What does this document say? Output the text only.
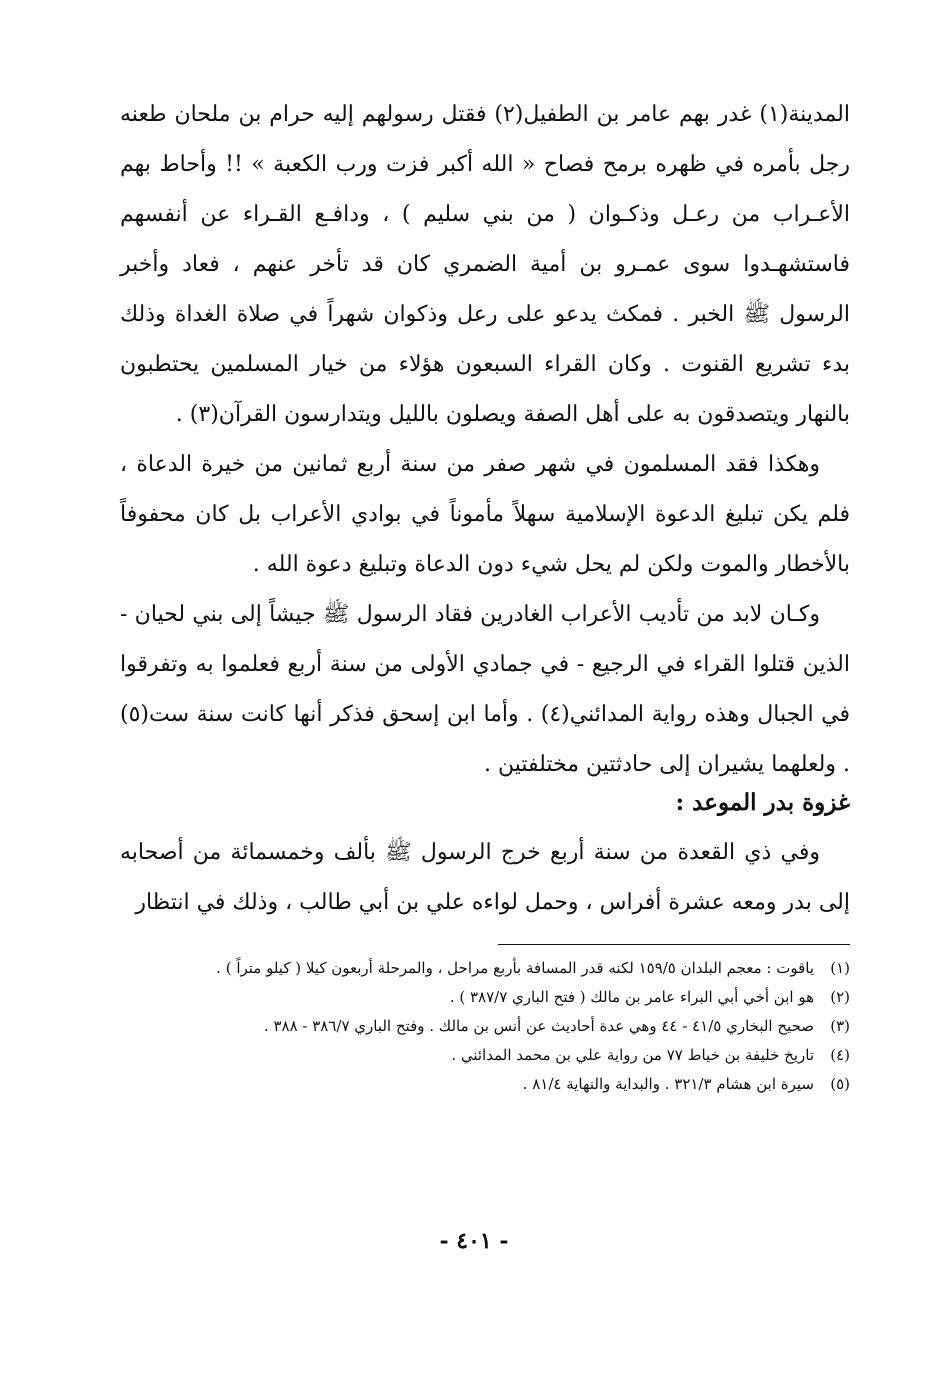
المدينة(١) غدر بهم عامر بن الطفيل(٢) فقتل رسولهم إليه حرام بن ملحان طعنه رجل بأمره في ظهره برمح فصاح « الله أكبر فزت ورب الكعبة » !! وأحاط بهم الأعـراب من رعـل وذكـوان ( من بني سليم ) ، ودافـع القـراء عن أنفسهم فاستشهـدوا سوى عمـرو بن أمية الضمري كان قد تأخر عنهم ، فعاد وأخبر الرسول ﷺ الخبر . فمكث يدعو على رعل وذكوان شهراً في صلاة الغداة وذلك بدء تشريع القنوت . وكان القراء السبعون هؤلاء من خيار المسلمين يحتطبون بالنهار ويتصدقون به على أهل الصفة ويصلون بالليل ويتدارسون القرآن(٣) .

وهكذا فقد المسلمون في شهر صفر من سنة أربع ثمانين من خيرة الدعاة ، فلم يكن تبليغ الدعوة الإسلامية سهلاً مأموناً في بوادي الأعراب بل كان محفوفاً بالأخطار والموت ولكن لم يحل شيء دون الدعاة وتبليغ دعوة الله .

وكـان لابد من تأديب الأعراب الغادرين فقاد الرسول ﷺ جيشاً إلى بني لحيان - الذين قتلوا القراء في الرجيع - في جمادي الأولى من سنة أربع فعلموا به وتفرقوا في الجبال وهذه رواية المدائني(٤) . وأما ابن إسحق فذكر أنها كانت سنة ست(٥) . ولعلهما يشيران إلى حادثتين مختلفتين .

غزوة بدر الموعد :

وفي ذي القعدة من سنة أربع خرج الرسول ﷺ بألف وخمسمائة من أصحابه إلى بدر ومعه عشرة أفراس ، وحمل لواءه علي بن أبي طالب ، وذلك في انتظار

(١)
ياقوت : معجم البلدان ١٥٩/٥ لكنه قدر المسافة بأربع مراحل ، والمرحلة أربعون كيلا ( كيلو متراً ) .
(٢)
هو ابن أخي أبي البراء عامر بن مالك ( فتح الباري ٣٨٧/٧ ) .
(٣)
صحيح البخاري ٤١/٥ - ٤٤ وهي عدة أحاديث عن أنس بن مالك . وفتح الباري ٣٨٦/٧ - ٣٨٨ .
(٤)
تاريخ خليفة بن خياط ٧٧ من رواية علي بن محمد المدائني .
(٥)
سيرة ابن هشام ٣٢١/٣ . والبداية والنهاية ٨١/٤ .
- ٤٠١ -
